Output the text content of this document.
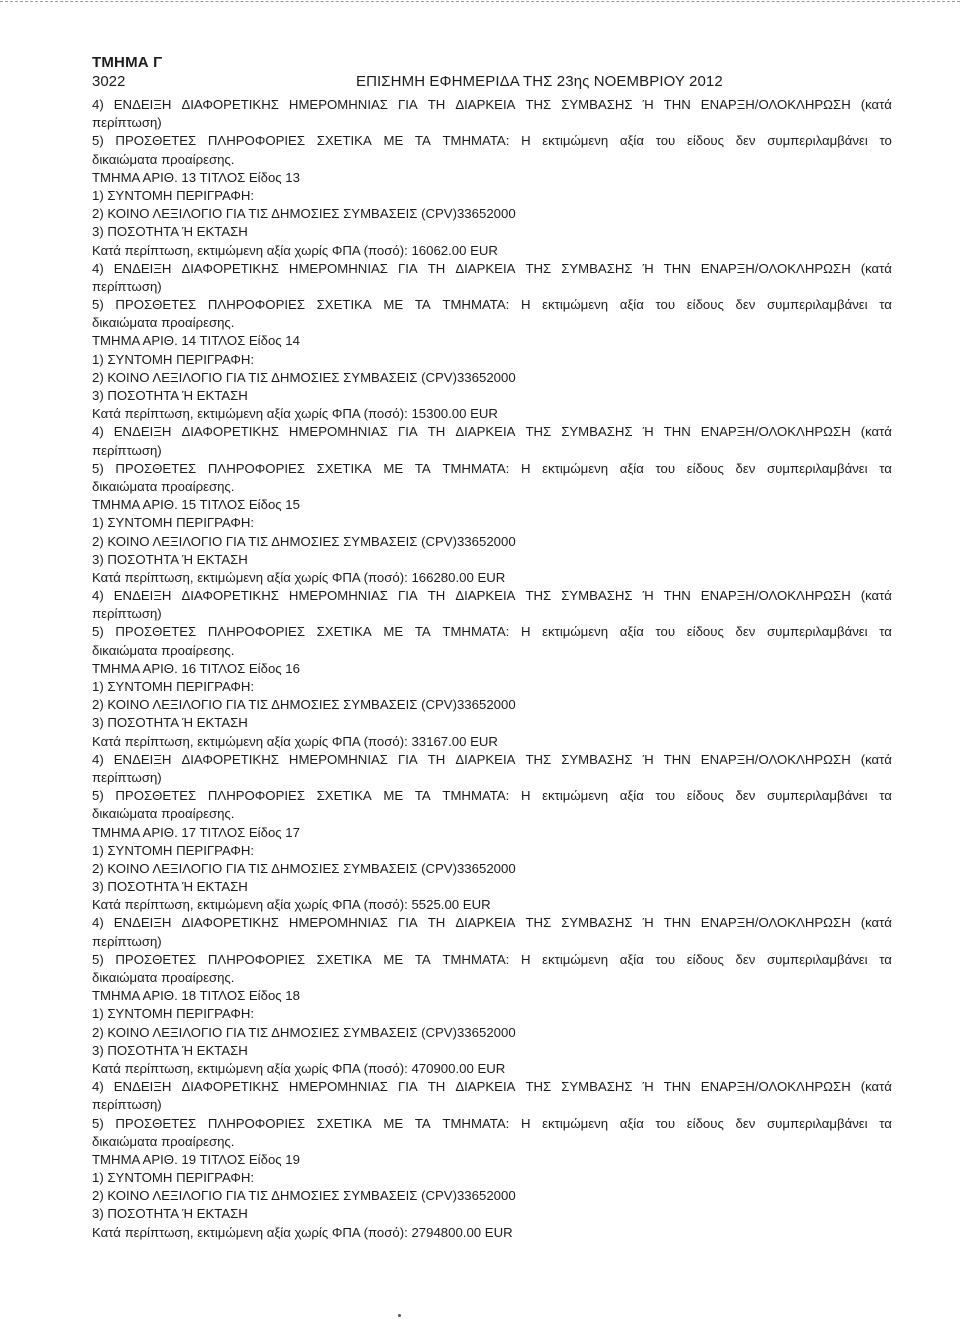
ΤΜΗΜΑ Γ
3022	ΕΠΙΣΗΜΗ ΕΦΗΜΕΡΙΔΑ ΤΗΣ 23ης ΝΟΕΜΒΡΙΟΥ 2012
4) ΕΝΔΕΙΞΗ ΔΙΑΦΟΡΕΤΙΚΗΣ ΗΜΕΡΟΜΗΝΙΑΣ ΓΙΑ ΤΗ ΔΙΑΡΚΕΙΑ ΤΗΣ ΣΥΜΒΑΣΗΣ Ή ΤΗΝ ΕΝΑΡΞΗ/ΟΛΟΚΛΗΡΩΣΗ (κατά
περίπτωση)
5) ΠΡΟΣΘΕΤΕΣ ΠΛΗΡΟΦΟΡΙΕΣ ΣΧΕΤΙΚΑ ΜΕ ΤΑ ΤΜΗΜΑΤΑ: Η εκτιμώμενη αξία του είδους δεν συμπεριλαμβάνει το
δικαιώματα προαίρεσης.
ΤΜΗΜΑ ΑΡΙΘ. 13 ΤΙΤΛΟΣ Είδος 13
1) ΣΥΝΤΟΜΗ ΠΕΡΙΓΡΑΦΗ:
2) ΚΟΙΝΟ ΛΕΞΙΛΟΓΙΟ ΓΙΑ ΤΙΣ ΔΗΜΟΣΙΕΣ ΣΥΜΒΑΣΕΙΣ (CPV)33652000
3) ΠΟΣΟΤΗΤΑ Ή ΕΚΤΑΣΗ
Κατά περίπτωση, εκτιμώμενη αξία χωρίς ΦΠΑ (ποσό): 16062.00 EUR
4) ΕΝΔΕΙΞΗ ΔΙΑΦΟΡΕΤΙΚΗΣ ΗΜΕΡΟΜΗΝΙΑΣ ΓΙΑ ΤΗ ΔΙΑΡΚΕΙΑ ΤΗΣ ΣΥΜΒΑΣΗΣ Ή ΤΗΝ ΕΝΑΡΞΗ/ΟΛΟΚΛΗΡΩΣΗ (κατά
περίπτωση)
5) ΠΡΟΣΘΕΤΕΣ ΠΛΗΡΟΦΟΡΙΕΣ ΣΧΕΤΙΚΑ ΜΕ ΤΑ ΤΜΗΜΑΤΑ: Η εκτιμώμενη αξία του είδους δεν συμπεριλαμβάνει τα
δικαιώματα προαίρεσης.
ΤΜΗΜΑ ΑΡΙΘ. 14 ΤΙΤΛΟΣ Είδος 14
1) ΣΥΝΤΟΜΗ ΠΕΡΙΓΡΑΦΗ:
2) ΚΟΙΝΟ ΛΕΞΙΛΟΓΙΟ ΓΙΑ ΤΙΣ ΔΗΜΟΣΙΕΣ ΣΥΜΒΑΣΕΙΣ (CPV)33652000
3) ΠΟΣΟΤΗΤΑ Ή ΕΚΤΑΣΗ
Κατά περίπτωση, εκτιμώμενη αξία χωρίς ΦΠΑ (ποσό): 15300.00 EUR
4) ΕΝΔΕΙΞΗ ΔΙΑΦΟΡΕΤΙΚΗΣ ΗΜΕΡΟΜΗΝΙΑΣ ΓΙΑ ΤΗ ΔΙΑΡΚΕΙΑ ΤΗΣ ΣΥΜΒΑΣΗΣ Ή ΤΗΝ ΕΝΑΡΞΗ/ΟΛΟΚΛΗΡΩΣΗ (κατά
περίπτωση)
5) ΠΡΟΣΘΕΤΕΣ ΠΛΗΡΟΦΟΡΙΕΣ ΣΧΕΤΙΚΑ ΜΕ ΤΑ ΤΜΗΜΑΤΑ: Η εκτιμώμενη αξία του είδους δεν συμπεριλαμβάνει τα
δικαιώματα προαίρεσης.
ΤΜΗΜΑ ΑΡΙΘ. 15 ΤΙΤΛΟΣ Είδος 15
1) ΣΥΝΤΟΜΗ ΠΕΡΙΓΡΑΦΗ:
2) ΚΟΙΝΟ ΛΕΞΙΛΟΓΙΟ ΓΙΑ ΤΙΣ ΔΗΜΟΣΙΕΣ ΣΥΜΒΑΣΕΙΣ (CPV)33652000
3) ΠΟΣΟΤΗΤΑ Ή ΕΚΤΑΣΗ
Κατά περίπτωση, εκτιμώμενη αξία χωρίς ΦΠΑ (ποσό): 166280.00 EUR
4) ΕΝΔΕΙΞΗ ΔΙΑΦΟΡΕΤΙΚΗΣ ΗΜΕΡΟΜΗΝΙΑΣ ΓΙΑ ΤΗ ΔΙΑΡΚΕΙΑ ΤΗΣ ΣΥΜΒΑΣΗΣ Ή ΤΗΝ ΕΝΑΡΞΗ/ΟΛΟΚΛΗΡΩΣΗ (κατά
περίπτωση)
5) ΠΡΟΣΘΕΤΕΣ ΠΛΗΡΟΦΟΡΙΕΣ ΣΧΕΤΙΚΑ ΜΕ ΤΑ ΤΜΗΜΑΤΑ: Η εκτιμώμενη αξία του είδους δεν συμπεριλαμβάνει τα
δικαιώματα προαίρεσης.
ΤΜΗΜΑ ΑΡΙΘ. 16 ΤΙΤΛΟΣ Είδος 16
1) ΣΥΝΤΟΜΗ ΠΕΡΙΓΡΑΦΗ:
2) ΚΟΙΝΟ ΛΕΞΙΛΟΓΙΟ ΓΙΑ ΤΙΣ ΔΗΜΟΣΙΕΣ ΣΥΜΒΑΣΕΙΣ (CPV)33652000
3) ΠΟΣΟΤΗΤΑ Ή ΕΚΤΑΣΗ
Κατά περίπτωση, εκτιμώμενη αξία χωρίς ΦΠΑ (ποσό): 33167.00 EUR
4) ΕΝΔΕΙΞΗ ΔΙΑΦΟΡΕΤΙΚΗΣ ΗΜΕΡΟΜΗΝΙΑΣ ΓΙΑ ΤΗ ΔΙΑΡΚΕΙΑ ΤΗΣ ΣΥΜΒΑΣΗΣ Ή ΤΗΝ ΕΝΑΡΞΗ/ΟΛΟΚΛΗΡΩΣΗ (κατά
περίπτωση)
5) ΠΡΟΣΘΕΤΕΣ ΠΛΗΡΟΦΟΡΙΕΣ ΣΧΕΤΙΚΑ ΜΕ ΤΑ ΤΜΗΜΑΤΑ: Η εκτιμώμενη αξία του είδους δεν συμπεριλαμβάνει τα
δικαιώματα προαίρεσης.
ΤΜΗΜΑ ΑΡΙΘ. 17 ΤΙΤΛΟΣ Είδος 17
1) ΣΥΝΤΟΜΗ ΠΕΡΙΓΡΑΦΗ:
2) ΚΟΙΝΟ ΛΕΞΙΛΟΓΙΟ ΓΙΑ ΤΙΣ ΔΗΜΟΣΙΕΣ ΣΥΜΒΑΣΕΙΣ (CPV)33652000
3) ΠΟΣΟΤΗΤΑ Ή ΕΚΤΑΣΗ
Κατά περίπτωση, εκτιμώμενη αξία χωρίς ΦΠΑ (ποσό): 5525.00 EUR
4) ΕΝΔΕΙΞΗ ΔΙΑΦΟΡΕΤΙΚΗΣ ΗΜΕΡΟΜΗΝΙΑΣ ΓΙΑ ΤΗ ΔΙΑΡΚΕΙΑ ΤΗΣ ΣΥΜΒΑΣΗΣ Ή ΤΗΝ ΕΝΑΡΞΗ/ΟΛΟΚΛΗΡΩΣΗ (κατά
περίπτωση)
5) ΠΡΟΣΘΕΤΕΣ ΠΛΗΡΟΦΟΡΙΕΣ ΣΧΕΤΙΚΑ ΜΕ ΤΑ ΤΜΗΜΑΤΑ: Η εκτιμώμενη αξία του είδους δεν συμπεριλαμβάνει τα
δικαιώματα προαίρεσης.
ΤΜΗΜΑ ΑΡΙΘ. 18 ΤΙΤΛΟΣ Είδος 18
1) ΣΥΝΤΟΜΗ ΠΕΡΙΓΡΑΦΗ:
2) ΚΟΙΝΟ ΛΕΞΙΛΟΓΙΟ ΓΙΑ ΤΙΣ ΔΗΜΟΣΙΕΣ ΣΥΜΒΑΣΕΙΣ (CPV)33652000
3) ΠΟΣΟΤΗΤΑ Ή ΕΚΤΑΣΗ
Κατά περίπτωση, εκτιμώμενη αξία χωρίς ΦΠΑ (ποσό): 470900.00 EUR
4) ΕΝΔΕΙΞΗ ΔΙΑΦΟΡΕΤΙΚΗΣ ΗΜΕΡΟΜΗΝΙΑΣ ΓΙΑ ΤΗ ΔΙΑΡΚΕΙΑ ΤΗΣ ΣΥΜΒΑΣΗΣ Ή ΤΗΝ ΕΝΑΡΞΗ/ΟΛΟΚΛΗΡΩΣΗ (κατά
περίπτωση)
5) ΠΡΟΣΘΕΤΕΣ ΠΛΗΡΟΦΟΡΙΕΣ ΣΧΕΤΙΚΑ ΜΕ ΤΑ ΤΜΗΜΑΤΑ: Η εκτιμώμενη αξία του είδους δεν συμπεριλαμβάνει τα
δικαιώματα προαίρεσης.
ΤΜΗΜΑ ΑΡΙΘ. 19 ΤΙΤΛΟΣ Είδος 19
1) ΣΥΝΤΟΜΗ ΠΕΡΙΓΡΑΦΗ:
2) ΚΟΙΝΟ ΛΕΞΙΛΟΓΙΟ ΓΙΑ ΤΙΣ ΔΗΜΟΣΙΕΣ ΣΥΜΒΑΣΕΙΣ (CPV)33652000
3) ΠΟΣΟΤΗΤΑ Ή ΕΚΤΑΣΗ
Κατά περίπτωση, εκτιμώμενη αξία χωρίς ΦΠΑ (ποσό): 2794800.00 EUR
